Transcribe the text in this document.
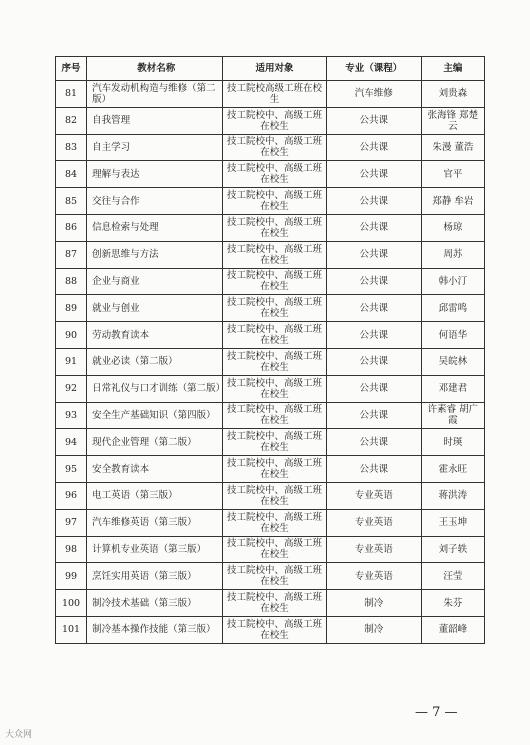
序号	教材名称	适用对象	专业（课程）	主编
81	汽车发动机构造与维修（第二版）	技工院校高级工班在校生	汽车维修	刘贵森
82	自我管理	技工院校中、高级工班在校生	公共课	张海锋 郑楚云
83	自主学习	技工院校中、高级工班在校生	公共课	朱漫 董浩
84	理解与表达	技工院校中、高级工班在校生	公共课	官平
85	交往与合作	技工院校中、高级工班在校生	公共课	郑静 牟岩
86	信息检索与处理	技工院校中、高级工班在校生	公共课	杨琼
87	创新思维与方法	技工院校中、高级工班在校生	公共课	周苏
88	企业与商业	技工院校中、高级工班在校生	公共课	韩小汀
89	就业与创业	技工院校中、高级工班在校生	公共课	邱雷鸣
90	劳动教育读本	技工院校中、高级工班在校生	公共课	何语华
91	就业必读（第二版）	技工院校中、高级工班在校生	公共课	吴皖林
92	日常礼仪与口才训练（第二版）	技工院校中、高级工班在校生	公共课	邓建君
93	安全生产基础知识（第四版）	技工院校中、高级工班在校生	公共课	许素睿 胡广霞
94	现代企业管理（第二版）	技工院校中、高级工班在校生	公共课	时瑛
95	安全教育读本	技工院校中、高级工班在校生	公共课	霍永旺
96	电工英语（第三版）	技工院校中、高级工班在校生	专业英语	蒋洪涛
97	汽车维修英语（第三版）	技工院校中、高级工班在校生	专业英语	王玉坤
98	计算机专业英语（第三版）	技工院校中、高级工班在校生	专业英语	刘子轶
99	烹饪实用英语（第三版）	技工院校中、高级工班在校生	专业英语	汪莹
100	制冷技术基础（第三版）	技工院校中、高级工班在校生	制冷	朱芬
101	制冷基本操作技能（第三版）	技工院校中、高级工班在校生	制冷	董韶峰
— 7 —
大众网
